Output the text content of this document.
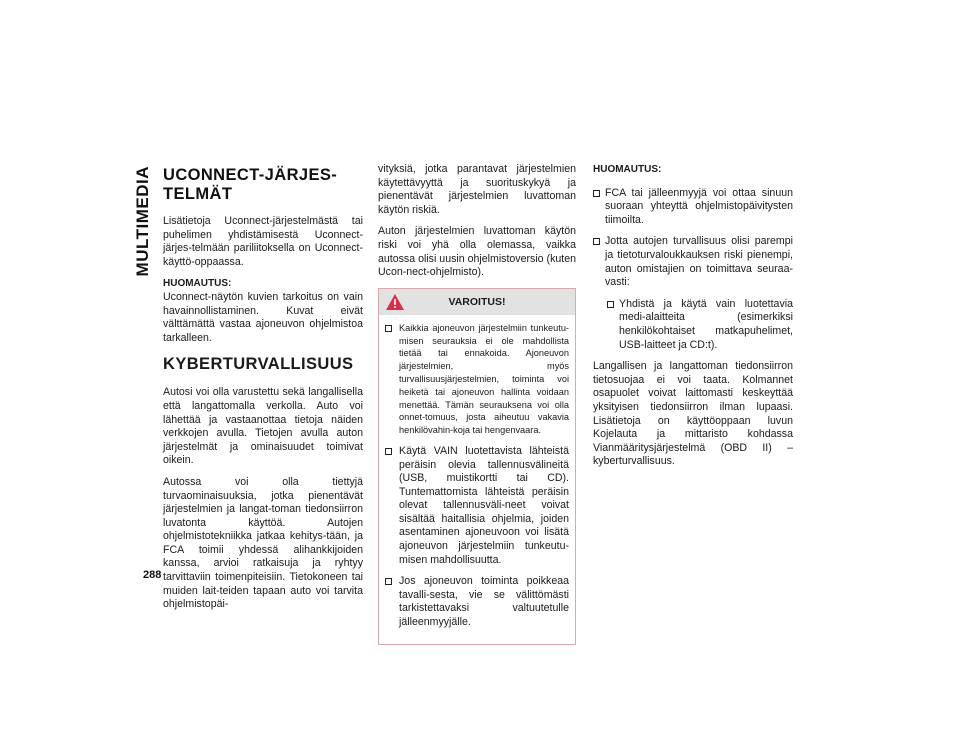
MULTIMEDIA
288
UCONNECT-JÄRJES-TELMÄT

Lisätietoja Uconnect-järjestelmästä tai puhelimen yhdistämisestä Uconnect-järjes-telmään pariliitoksella on Uconnect-käyttö-oppaassa.

HUOMAUTUS:

Uconnect-näytön kuvien tarkoitus on vain havainnollistaminen. Kuvat eivät välttämättä vastaa ajoneuvon ohjelmistoa tarkalleen.

KYBERTURVALLISUUS

Autosi voi olla varustettu sekä langallisella että langattomalla verkolla. Auto voi lähettää ja vastaanottaa tietoja näiden verkkojen avulla. Tietojen avulla auton järjestelmät ja ominaisuudet toimivat oikein.

Autossa voi olla tiettyjä turvaominaisuuksia, jotka pienentävät järjestelmien ja langat-toman tiedonsiirron luvatonta käyttöä. Autojen ohjelmistotekniikka jatkaa kehitys-tään, ja FCA toimii yhdessä alihankkijoiden kanssa, arvioi ratkaisuja ja ryhtyy tarvittaviin toimenpiteisiin. Tietokoneen tai muiden lait-teiden tapaan auto voi tarvita ohjelmistopäi-

vityksiä, jotka parantavat järjestelmien käytettävyyttä ja suorituskykyä ja pienentävät järjestelmien luvattoman käytön riskiä.

Auton järjestelmien luvattoman käytön riski voi yhä olla olemassa, vaikka autossa olisi uusin ohjelmistoversio (kuten Ucon-nect-ohjelmisto).

VAROITUS!
Kaikkia ajoneuvon järjestelmiin tunkeutu-misen seurauksia ei ole mahdollista tietää tai ennakoida. Ajoneuvon järjestelmien, myös turvallisuusjärjestelmien, toiminta voi heiketä tai ajoneuvon hallinta voidaan menettää. Tämän seurauksena voi olla onnet-tomuus, josta aiheutuu vakavia henkilövahin-koja tai hengenvaara.
Käytä VAIN luotettavista lähteistä peräisin olevia tallennusvälineitä (USB, muistikortti tai CD). Tuntemattomista lähteistä peräisin olevat tallennusväli-neet voivat sisältää haitallisia ohjelmia, joiden asentaminen ajoneuvoon voi lisätä ajoneuvon järjestelmiin tunkeutu-misen mahdollisuutta.
Jos ajoneuvon toiminta poikkeaa tavalli-sesta, vie se välittömästi tarkistettavaksi valtuutetulle jälleenmyyjälle.
HUOMAUTUS:
FCA tai jälleenmyyjä voi ottaa sinuun suoraan yhteyttä ohjelmistopäivitysten tiimoilta.
Jotta autojen turvallisuus olisi parempi ja tietoturvaloukkauksen riski pienempi, auton omistajien on toimittava seuraa-vasti:
Yhdistä ja käytä vain luotettavia medi-alaitteita (esimerkiksi henkilökohtaiset matkapuhelimet, USB-laitteet ja CD:t).

Langallisen ja langattoman tiedonsiirron tietosuojaa ei voi taata. Kolmannet osapuolet voivat laittomasti keskeyttää yksityisen tiedonsiirron ilman lupaasi. Lisätietoja on käyttöoppaan luvun Kojelauta ja mittaristo kohdassa Vianmääritysjärjestelmä (OBD II) – kyberturvallisuus.
